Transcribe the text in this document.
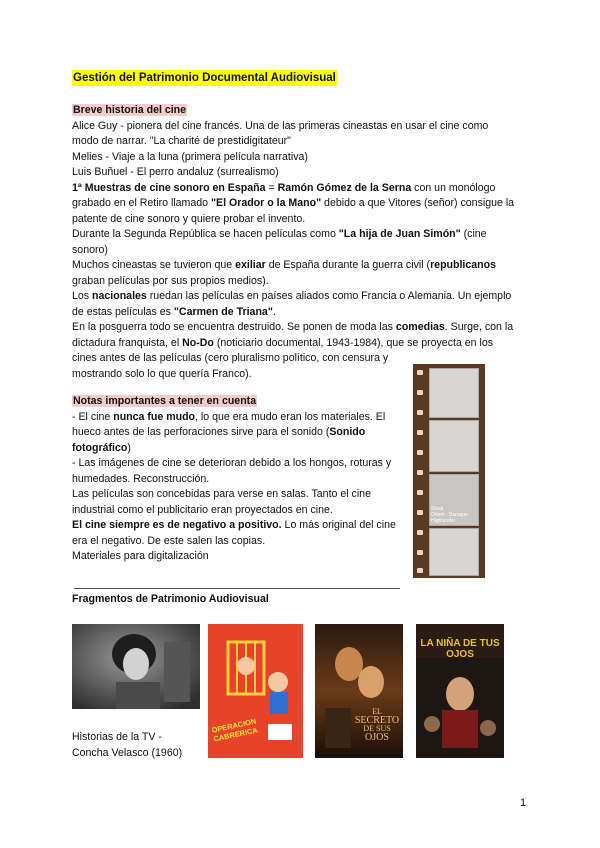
Gestión del Patrimonio Documental Audiovisual
Breve historia del cine
Alice Guy - pionera del cine francés. Una de las primeras cineastas en usar el cine como
modo de narrar. "La charité de prestidigitateur"
Melies - Viaje a la luna (primera película narrativa)
Luis Buñuel - El perro andaluz (surrealismo)
1ª Muestras de cine sonoro en España = Ramón Gómez de la Serna con un monólogo
grabado en el Retiro llamado "El Orador o la Mano" debido a que Vitores (señor) consigue la
patente de cine sonoro y quiere probar el invento.
Durante la Segunda República se hacen películas como "La hija de Juan Simón" (cine
sonoro)
Muchos cineastas se tuvieron que exiliar de España durante la guerra civil (republicanos
graban películas por sus propios medios).
Los nacionales ruedan las películas en países aliados como Francia o Alemania. Un ejemplo
de estas películas es "Carmen de Triana".
En la posguerra todo se encuentra destruido. Se ponen de moda las comedias. Surge, con la
dictadura franquista, el No-Do (noticiario documental, 1943-1984), que se proyecta en los
cines antes de las películas (cero pluralismo político, con censura y
mostrando solo lo que quería Franco).
Notas importantes a tener en cuenta
- El cine nunca fue mudo, lo que era mudo eran los materiales. El
hueco antes de las perforaciones sirve para el sonido (Sonido
fotográfico)
- Las imágenes de cine se deterioran debido a los hongos, roturas y
humedades. Reconstrucción.
Las películas son concebidas para verse en salas. Tanto el cine
industrial como el publicitario eran proyectados en cine.
El cine siempre es de negativo a positivo. Lo más original del cine
era el negativo. De este salen las copias.
Materiales para digitalización
Stock
Orient · Baroque Highlander
Fragmentos de Patrimonio Audiovisual
Historias de la TV -
Concha Velasco (1960)
OPERACION CABRERICA
EL
SECRETO
DE SUS
OJOS
LA NIÑA DE TUS OJOS
1
